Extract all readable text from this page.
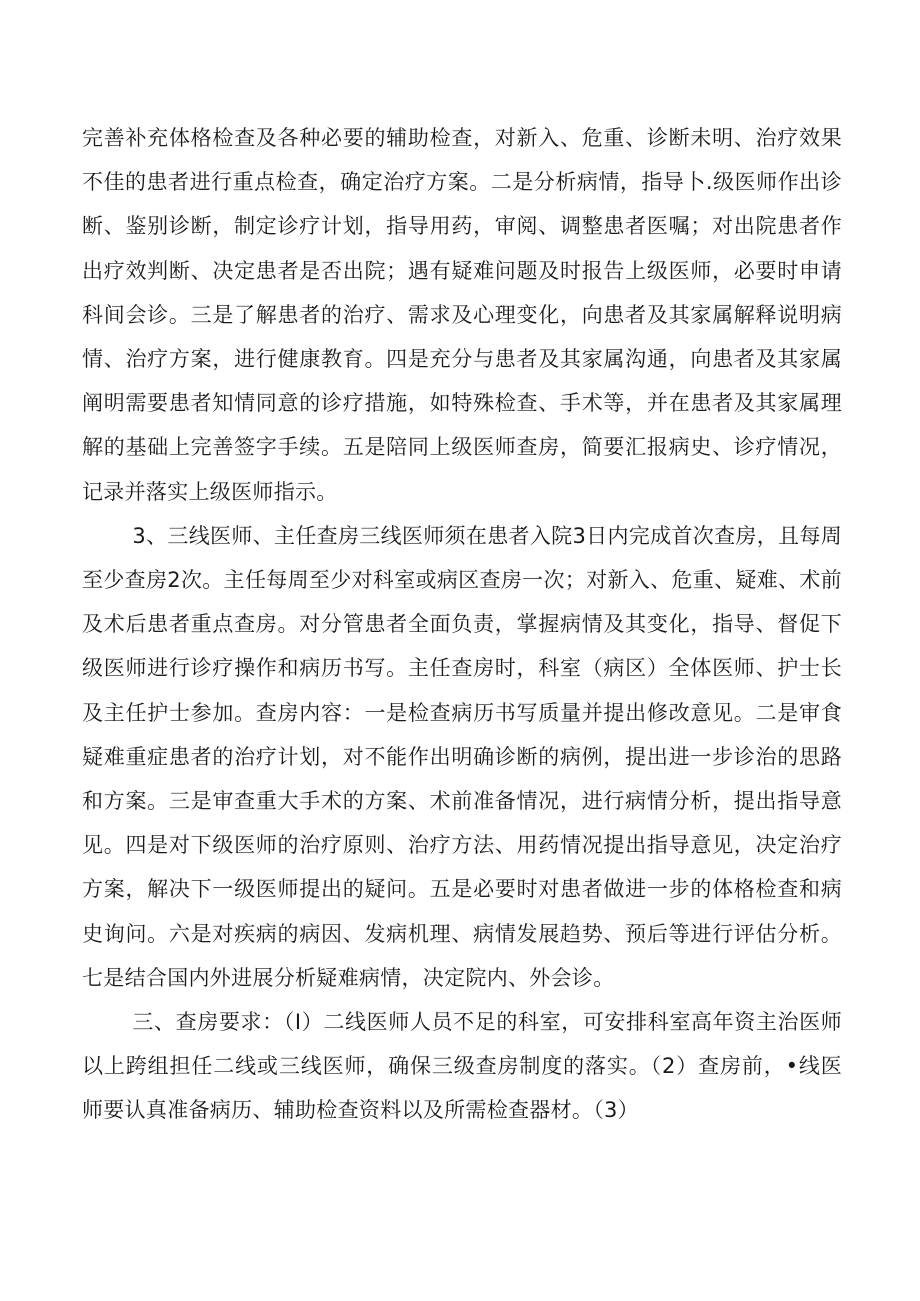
完善补充体格检查及各种必要的辅助检查，对新入、危重、诊断未明、治疗效果不佳的患者进行重点检查，确定治疗方案。二是分析病情，指导卜.级医师作出诊断、鉴别诊断，制定诊疗计划，指导用药，审阅、调整患者医嘱；对出院患者作出疗效判断、决定患者是否出院；遇有疑难问题及时报告上级医师，必要时申请科间会诊。三是了解患者的治疗、需求及心理变化，向患者及其家属解释说明病情、治疗方案，进行健康教育。四是充分与患者及其家属沟通，向患者及其家属阐明需要患者知情同意的诊疗措施，如特殊检查、手术等，并在患者及其家属理解的基础上完善签字手续。五是陪同上级医师查房，简要汇报病史、诊疗情况，记录并落实上级医师指示。

3、三线医师、主任查房三线医师须在患者入院3日内完成首次查房，且每周至少查房2次。主任每周至少对科室或病区查房一次；对新入、危重、疑难、术前及术后患者重点查房。对分管患者全面负责，掌握病情及其变化，指导、督促下级医师进行诊疗操作和病历书写。主任查房时，科室（病区）全体医师、护士长及主任护士参加。查房内容：一是检查病历书写质量并提出修改意见。二是审食疑难重症患者的治疗计划，对不能作出明确诊断的病例，提出进一步诊治的思路和方案。三是审查重大手术的方案、术前准备情况，进行病情分析，提出指导意见。四是对下级医师的治疗原则、治疗方法、用药情况提出指导意见，决定治疗方案，解决下一级医师提出的疑问。五是必要时对患者做进一步的体格检查和病史询问。六是对疾病的病因、发病机理、病情发展趋势、预后等进行评估分析。七是结合国内外进展分析疑难病情，决定院内、外会诊。

三、查房要求：（I）二线医师人员不足的科室，可安排科室高年资主治医师以上跨组担任二线或三线医师，确保三级查房制度的落实。（2）查房前，•线医师要认真准备病历、辅助检查资料以及所需检查器材。（3）
